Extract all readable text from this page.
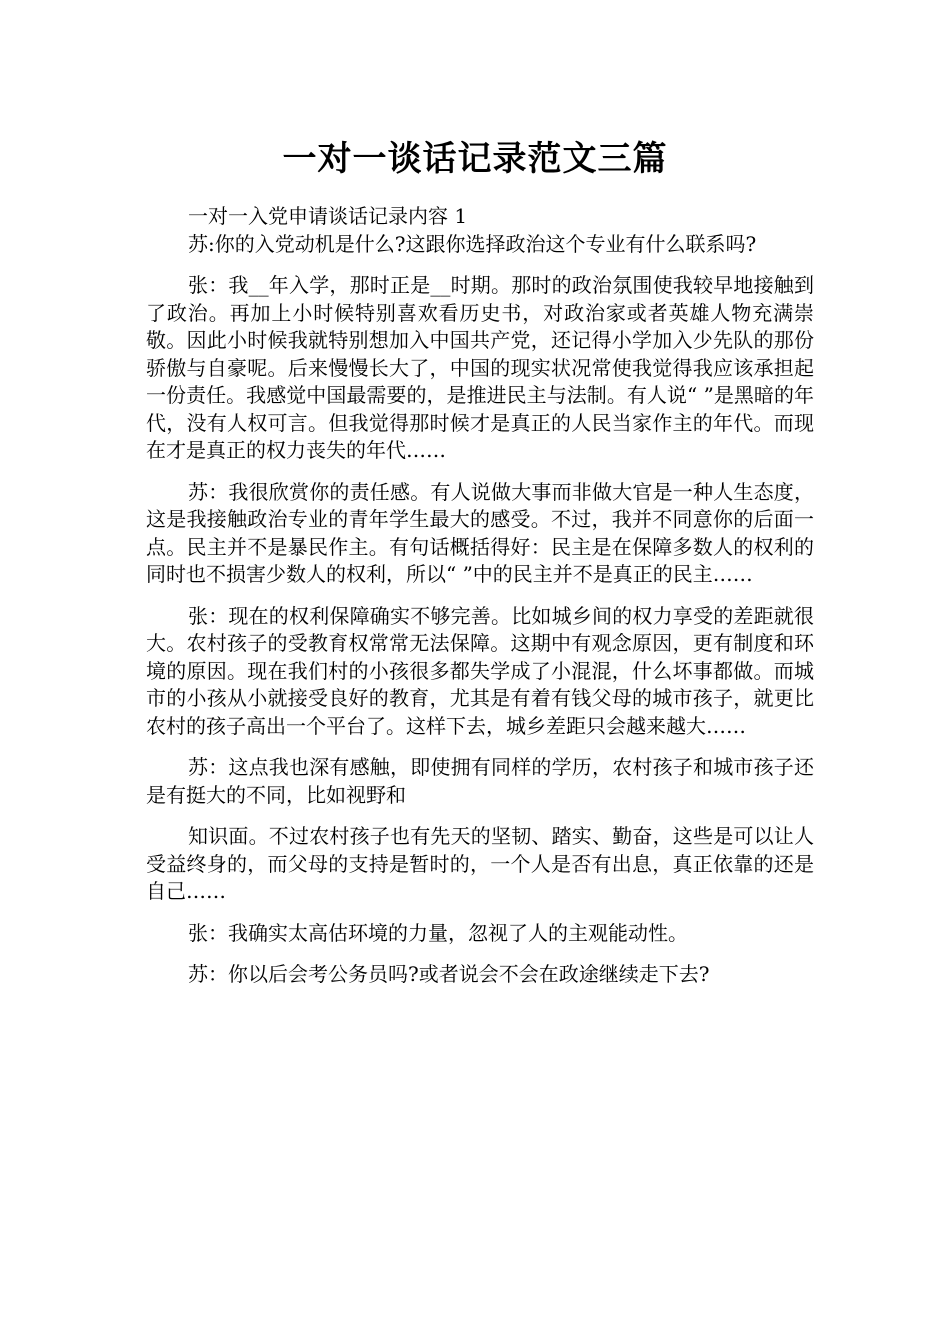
一对一谈话记录范文三篇

一对一入党申请谈话记录内容 1

苏:你的入党动机是什么?这跟你选择政治这个专业有什么联系吗?

张：我__年入学，那时正是__时期。那时的政治氛围使我较早地接触到了政治。再加上小时候特别喜欢看历史书，对政治家或者英雄人物充满崇敬。因此小时候我就特别想加入中国共产党，还记得小学加入少先队的那份骄傲与自豪呢。后来慢慢长大了，中国的现实状况常使我觉得我应该承担起一份责任。我感觉中国最需要的，是推进民主与法制。有人说“ ”是黑暗的年代，没有人权可言。但我觉得那时候才是真正的人民当家作主的年代。而现在才是真正的权力丧失的年代……

苏：我很欣赏你的责任感。有人说做大事而非做大官是一种人生态度，这是我接触政治专业的青年学生最大的感受。不过，我并不同意你的后面一点。民主并不是暴民作主。有句话概括得好：民主是在保障多数人的权利的同时也不损害少数人的权利，所以“ ”中的民主并不是真正的民主……

张：现在的权利保障确实不够完善。比如城乡间的权力享受的差距就很大。农村孩子的受教育权常常无法保障。这期中有观念原因，更有制度和环境的原因。现在我们村的小孩很多都失学成了小混混，什么坏事都做。而城市的小孩从小就接受良好的教育，尤其是有着有钱父母的城市孩子，就更比农村的孩子高出一个平台了。这样下去，城乡差距只会越来越大……

苏：这点我也深有感触，即使拥有同样的学历，农村孩子和城市孩子还是有挺大的不同，比如视野和

知识面。不过农村孩子也有先天的坚韧、踏实、勤奋，这些是可以让人受益终身的，而父母的支持是暂时的，一个人是否有出息，真正依靠的还是自己……

张：我确实太高估环境的力量，忽视了人的主观能动性。

苏：你以后会考公务员吗?或者说会不会在政途继续走下去?
